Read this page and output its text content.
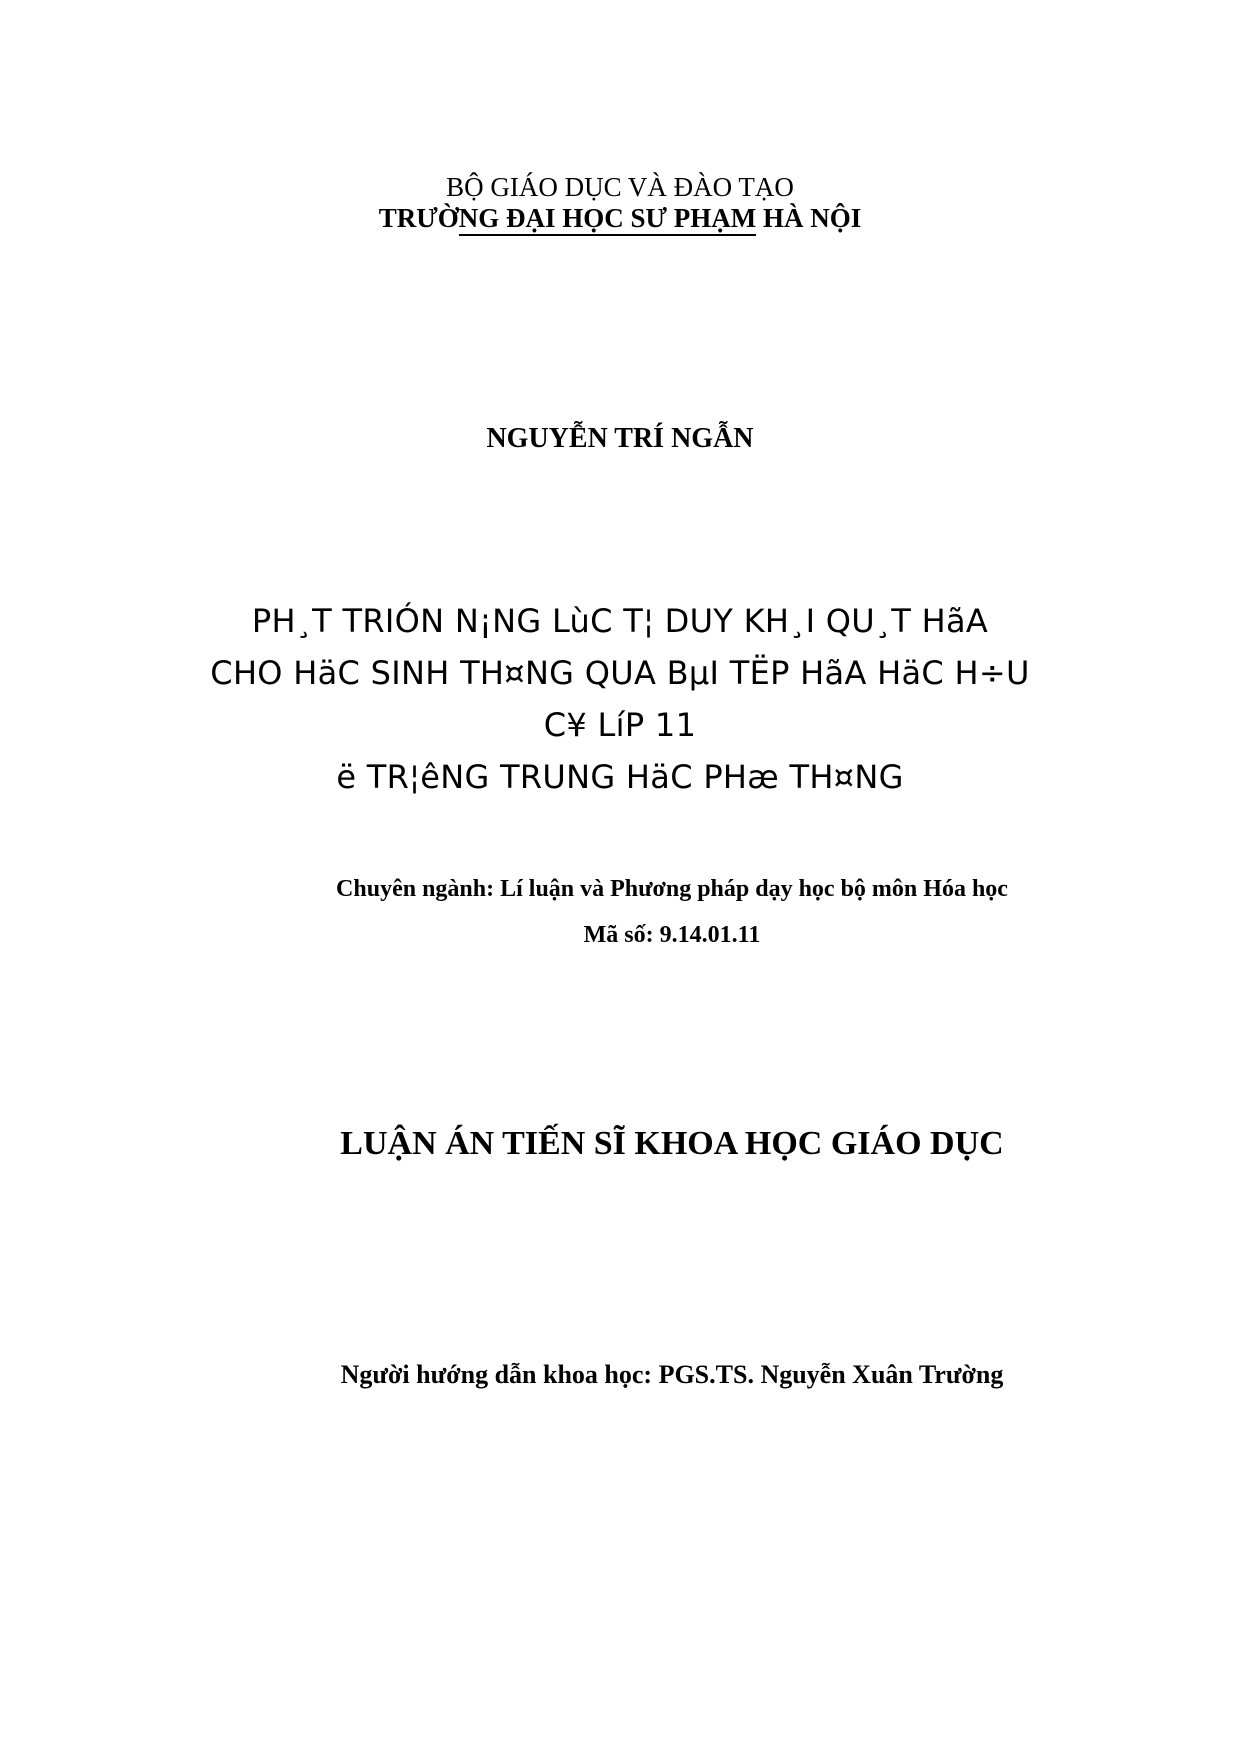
BỘ GIÁO DỤC VÀ ĐÀO TẠO

TRƯỜNG ĐẠI HỌC SƯ PHẠM HÀ NỘI

NGUYỄN TRÍ NGẪN

PH¸T TRIÓN N¡NG LùC T¦ DUY KH¸I QU¸T HãA

CHO HäC SINH TH¤NG QUA BµI TËP HãA HäC H÷U

C¥ LíP 11

ë TR¦êNG TRUNG HäC PHæ TH¤NG

Chuyên ngành: Lí luận và Phương pháp dạy học bộ môn Hóa học

Mã số: 9.14.01.11

LUẬN ÁN TIẾN SĨ KHOA HỌC GIÁO DỤC

Người hướng dẫn khoa học: PGS.TS. Nguyễn Xuân Trường
